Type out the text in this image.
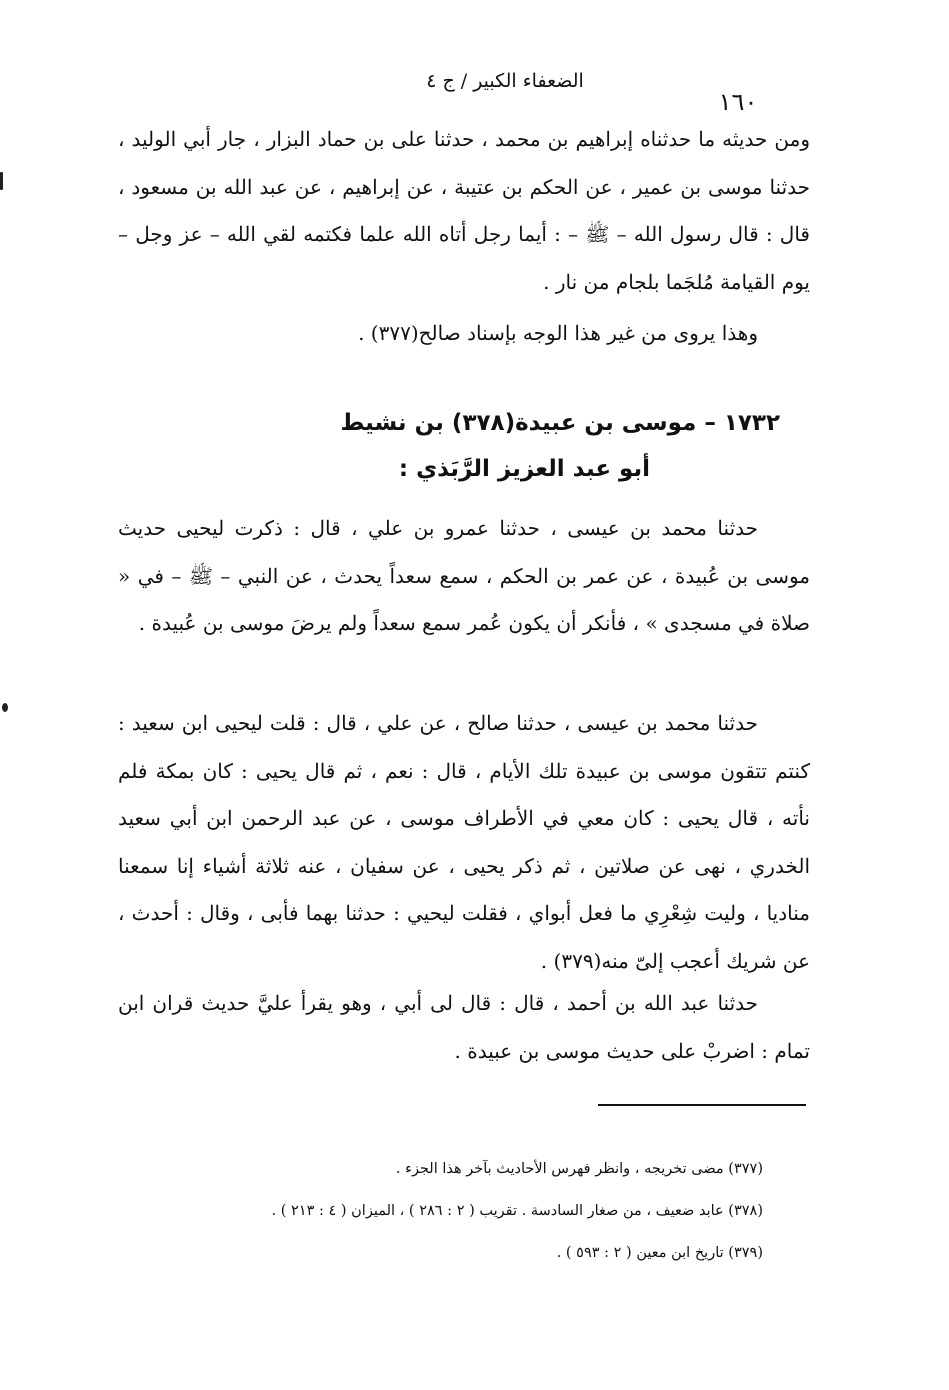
الضعفاء الكبير / ج ٤
١٦٠

ومن حديثه ما حدثناه إبراهيم بن محمد ، حدثنا على بن حماد البزار ، جار أبي الوليد ، حدثنا موسى بن عمير ، عن الحكم بن عتيبة ، عن إبراهيم ، عن عبد الله بن مسعود ، قال : قال رسول الله – ﷺ – : أيما رجل أتاه الله علما فكتمه لقي الله – عز وجل – يوم القيامة مُلجَما بلجام من نار .

وهذا يروى من غير هذا الوجه بإسناد صالح(٣٧٧) .

١٧٣٢ – موسى بن عبيدة(٣٧٨) بن نشيط
أبو عبد العزيز الرَّبَذي :

حدثنا محمد بن عيسى ، حدثنا عمرو بن علي ، قال : ذكرت ليحيى حديث موسى بن عُبيدة ، عن عمر بن الحكم ، سمع سعداً يحدث ، عن النبي – ﷺ – في « صلاة في مسجدى » ، فأنكر أن يكون عُمر سمع سعداً ولم يرضَ موسى بن عُبيدة .

حدثنا محمد بن عيسى ، حدثنا صالح ، عن علي ، قال : قلت ليحيى ابن سعيد : كنتم تتقون موسى بن عبيدة تلك الأيام ، قال : نعم ، ثم قال يحيى : كان بمكة فلم نأته ، قال يحيى : كان معي في الأطراف موسى ، عن عبد الرحمن ابن أبي سعيد الخدري ، نهى عن صلاتين ، ثم ذكر يحيى ، عن سفيان ، عنه ثلاثة أشياء إنا سمعنا مناديا ، وليت شِعْرِي ما فعل أبواي ، فقلت ليحيي : حدثنا بهما فأبى ، وقال : أحدث ، عن شريك أعجب إلىّ منه(٣٧٩) .

حدثنا عبد الله بن أحمد ، قال : قال لى أبي ، وهو يقرأ عليَّ حديث قران ابن تمام : اضربْ على حديث موسى بن عبيدة .

(٣٧٧) مضى تخريجه ، وانظر فهرس الأحاديث بآخر هذا الجزء .

(٣٧٨) عابد ضعيف ، من صغار السادسة . تقريب ( ٢ : ٢٨٦ ) ، الميزان ( ٤ : ٢١٣ ) .

(٣٧٩) تاريخ ابن معين ( ٢ : ٥٩٣ ) .
